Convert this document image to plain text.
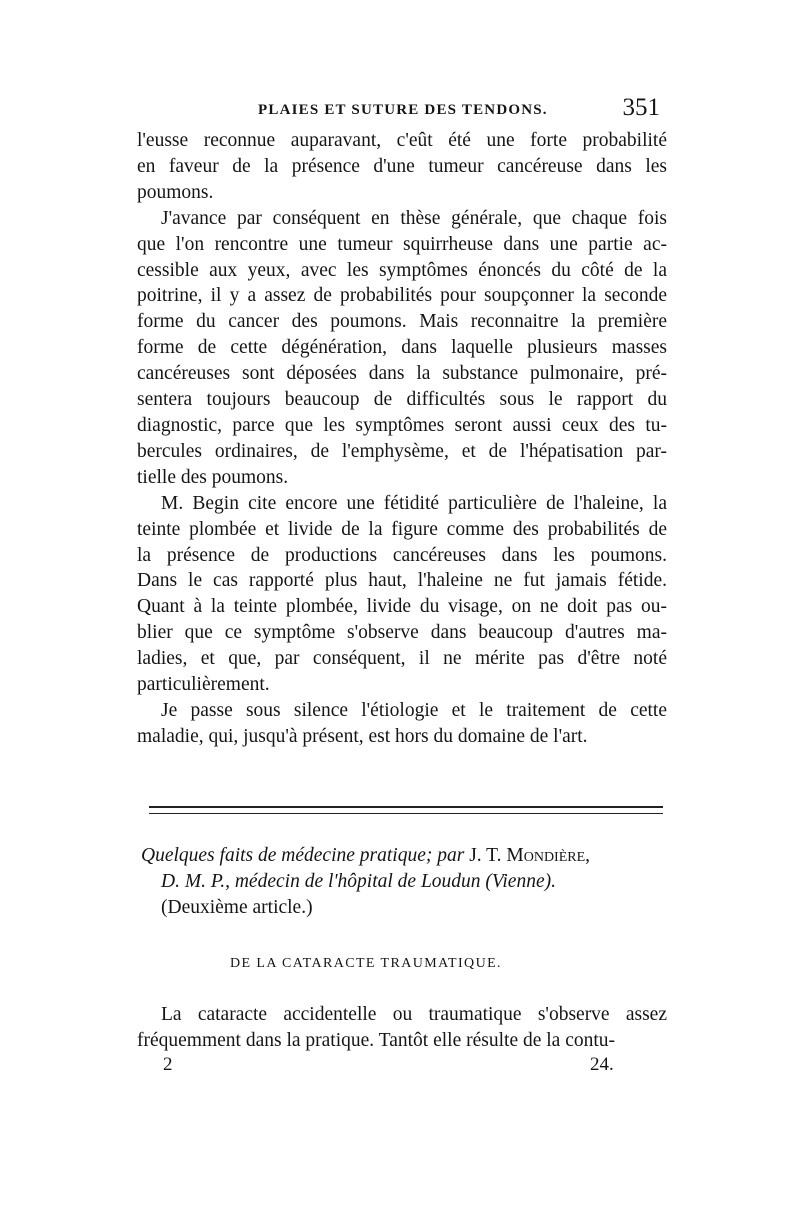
PLAIES ET SUTURE DES TENDONS.	351

l'eusse reconnue auparavant, c'eût été une forte probabilité
en faveur de la présence d'une tumeur cancéreuse dans les
poumons.

J'avance par conséquent en thèse générale, que chaque fois
que l'on rencontre une tumeur squirrheuse dans une partie ac-
cessible aux yeux, avec les symptômes énoncés du côté de la
poitrine, il y a assez de probabilités pour soupçonner la seconde
forme du cancer des poumons. Mais reconnaitre la première
forme de cette dégénération, dans laquelle plusieurs masses
cancéreuses sont déposées dans la substance pulmonaire, pré-
sentera toujours beaucoup de difficultés sous le rapport du
diagnostic, parce que les symptômes seront aussi ceux des tu-
bercules ordinaires, de l'emphysème, et de l'hépatisation par-
tielle des poumons.

M. Begin cite encore une fétidité particulière de l'haleine, la
teinte plombée et livide de la figure comme des probabilités de
la présence de productions cancéreuses dans les poumons.
Dans le cas rapporté plus haut, l'haleine ne fut jamais fétide.
Quant à la teinte plombée, livide du visage, on ne doit pas ou-
blier que ce symptôme s'observe dans beaucoup d'autres ma-
ladies, et que, par conséquent, il ne mérite pas d'être noté
particulièrement.

Je passe sous silence l'étiologie et le traitement de cette
maladie, qui, jusqu'à présent, est hors du domaine de l'art.

Quelques faits de médecine pratique; par J. T. Mondière,

D. M. P., médecin de l'hôpital de Loudun (Vienne).

(Deuxième article.)

DE LA CATARACTE TRAUMATIQUE.

La cataracte accidentelle ou traumatique s'observe assez
fréquemment dans la pratique. Tantôt elle résulte de la contu-

2	24.
